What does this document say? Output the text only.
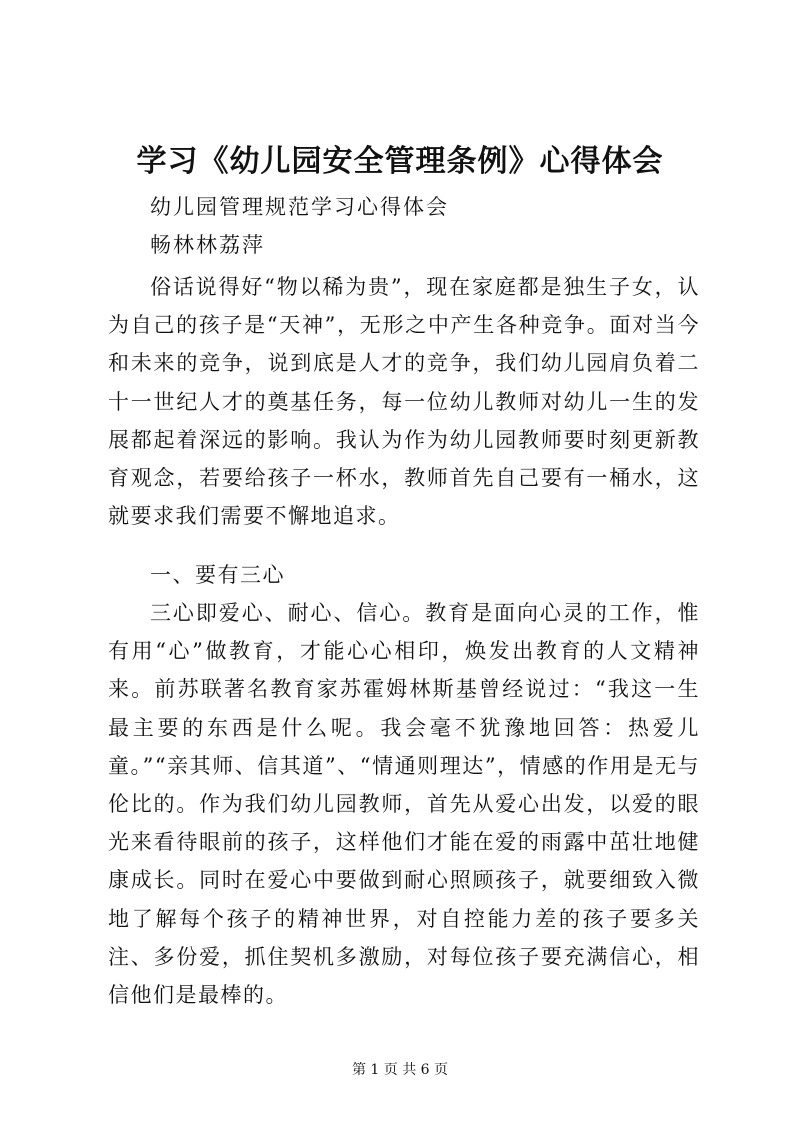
学习《幼儿园安全管理条例》心得体会
幼儿园管理规范学习心得体会
畅林林荔萍

俗话说得好“物以稀为贵”，现在家庭都是独生子女，认为自己的孩子是“天神”，无形之中产生各种竞争。面对当今和未来的竞争，说到底是人才的竞争，我们幼儿园肩负着二十一世纪人才的奠基任务，每一位幼儿教师对幼儿一生的发展都起着深远的影响。我认为作为幼儿园教师要时刻更新教育观念，若要给孩子一杯水，教师首先自己要有一桶水，这就要求我们需要不懈地追求。

一、要有三心

三心即爱心、耐心、信心。教育是面向心灵的工作，惟有用“心”做教育，才能心心相印，焕发出教育的人文精神来。前苏联著名教育家苏霍姆林斯基曾经说过：“我这一生最主要的东西是什么呢。我会毫不犹豫地回答：热爱儿童。”“亲其师、信其道”、“情通则理达”，情感的作用是无与伦比的。作为我们幼儿园教师，首先从爱心出发，以爱的眼光来看待眼前的孩子，这样他们才能在爱的雨露中茁壮地健康成长。同时在爱心中要做到耐心照顾孩子，就要细致入微地了解每个孩子的精神世界，对自控能力差的孩子要多关注、多份爱，抓住契机多激励，对每位孩子要充满信心，相信他们是最棒的。

第 1 页 共 6 页
